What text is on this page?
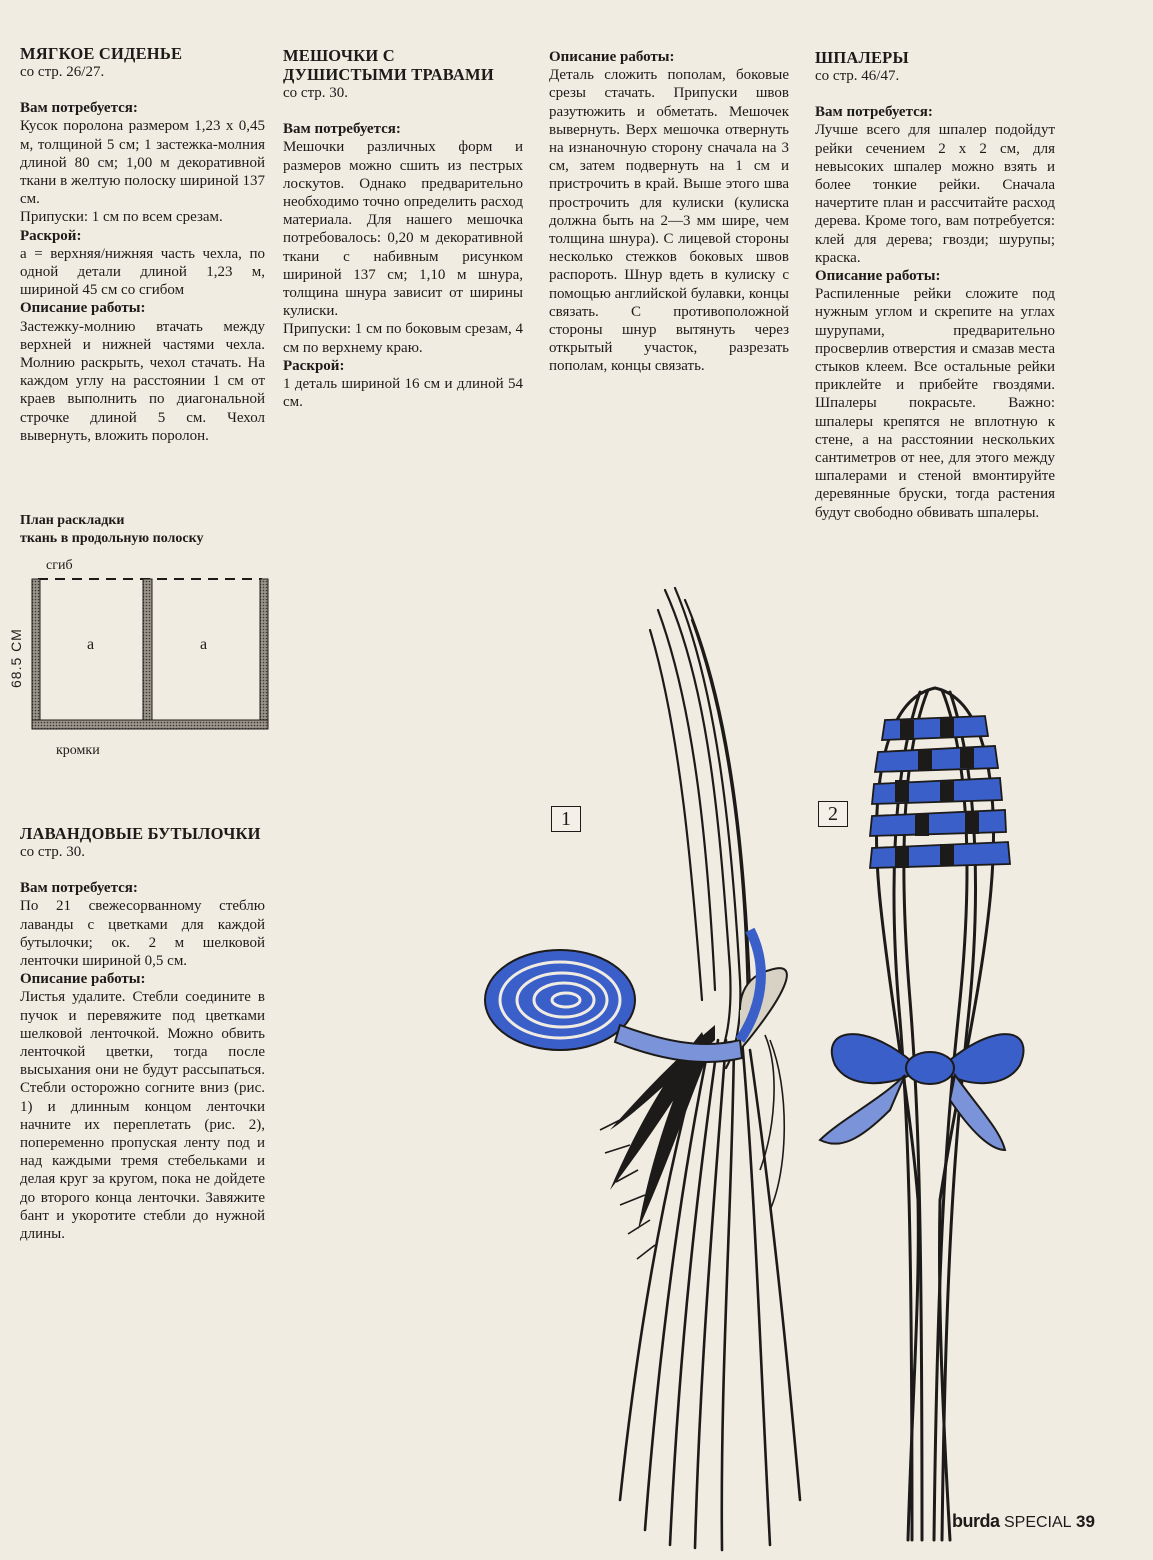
МЯГКОЕ СИДЕНЬЕ

со стр. 26/27.

Вам потребуется:

Кусок поролона размером 1,23 x 0,45 м, толщиной 5 см; 1 застежка-молния длиной 80 см; 1,00 м декоративной ткани в желтую полоску шириной 137 см.

Припуски: 1 см по всем срезам.

Раскрой:

а = верхняя/нижняя часть чехла, по одной детали длиной 1,23 м, шириной 45 см со сгибом

Описание работы:

Застежку-молнию втачать между верхней и нижней частями чехла. Молнию раскрыть, чехол стачать. На каждом углу на расстоянии 1 см от краев выполнить по диагональной строчке длиной 5 см. Чехол вывернуть, вложить поролон.

План раскладки
ткань в продольную полоску
сгиб
кромки
68.5 СМ	а	а

ЛАВАНДОВЫЕ БУТЫЛОЧКИ

со стр. 30.

Вам потребуется:

По 21 свежесорванному стеблю лаванды с цветками для каждой бутылочки; ок. 2 м шелковой ленточки шириной 0,5 см.

Описание работы:

Листья удалите. Стебли соедините в пучок и перевяжите под цветками шелковой ленточкой. Можно обвить ленточкой цветки, тогда после высыхания они не будут рассыпаться. Стебли осторожно согните вниз (рис. 1) и длинным концом ленточки начните их переплетать (рис. 2), попеременно пропуская ленту под и над каждыми тремя стебельками и делая круг за кругом, пока не дойдете до второго конца ленточки. Завяжите бант и укоротите стебли до нужной длины.

МЕШОЧКИ С ДУШИСТЫМИ ТРАВАМИ

со стр. 30.

Вам потребуется:

Мешочки различных форм и размеров можно сшить из пестрых лоскутов. Однако предварительно необходимо точно определить расход материала. Для нашего мешочка потребовалось: 0,20 м декоративной ткани с набивным рисунком шириной 137 см; 1,10 м шнура, толщина шнура зависит от ширины кулиски.

Припуски: 1 см по боковым срезам, 4 см по верхнему краю.

Раскрой:

1 деталь шириной 16 см и длиной 54 см.

Описание работы:

Деталь сложить пополам, боковые срезы стачать. Припуски швов разутюжить и обметать. Мешочек вывернуть. Верх мешочка отвернуть на изнаночную сторону сначала на 3 см, затем подвернуть на 1 см и пристрочить в край. Выше этого шва прострочить для кулиски (кулиска должна быть на 2—3 мм шире, чем толщина шнура). С лицевой стороны несколько стежков боковых швов распороть. Шнур вдеть в кулиску с помощью английской булавки, концы связать. С противоположной стороны шнур вытянуть через открытый участок, разрезать пополам, концы связать.

ШПАЛЕРЫ

со стр. 46/47.

Вам потребуется:

Лучше всего для шпалер подойдут рейки сечением 2 x 2 см, для невысоких шпалер можно взять и более тонкие рейки. Сначала начертите план и рассчитайте расход дерева. Кроме того, вам потребуется: клей для дерева; гвозди; шурупы; краска.

Описание работы:

Распиленные рейки сложите под нужным углом и скрепите на углах шурупами, предварительно просверлив отверстия и смазав места стыков клеем. Все остальные рейки приклейте и прибейте гвоздями. Шпалеры покрасьте. Важно: шпалеры крепятся не вплотную к стене, а на расстоянии нескольких сантиметров от нее, для этого между шпалерами и стеной вмонтируйте деревянные бруски, тогда растения будут свободно обвивать шпалеры.

1	2
burda SPECIAL 39
